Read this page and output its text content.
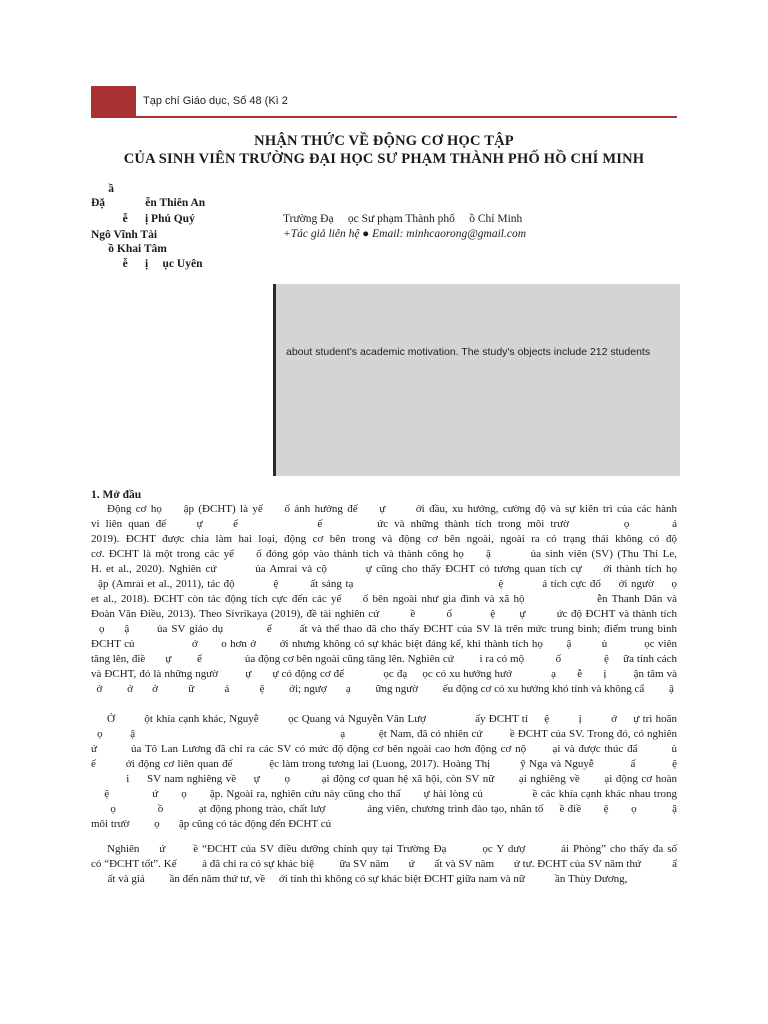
Tạp chí Giáo dục, Số 48 (Kì 2
NHẬN THỨC VỀ ĐỘNG CƠ HỌC TẬP
CỦA SINH VIÊN TRƯỜNG ĐẠI HỌC SƯ PHẠM THÀNH PHỐ HỒ CHÍ MINH
ầ
Đặ              ễn Thiên An
ễ      ị Phú Quý
Ngô Vĩnh Tài
ồ Khai Tâm
ễ      ị     ục Uyên
Trường Đạ     ọc Sư phạm Thành phố     ồ Chí Minh
+Tác giả liên hệ ● Email: minhcaorong@gmail.com
about student’s academic motivation. The study's objects include 212 students
1. Mở đầu
Động cơ họ     ập (ĐCHT) là yế     ố ảnh hưởng đế     ự       ởi đầu, xu hướng, cường độ và sự kiên trì của các hành
vi liên quan đế     ự     ế             ế         ức và những thành tích trong môi trườ         ọ       ả
2019). ĐCHT được chia làm hai loại, động cơ bên trong và động cơ bên ngoài, ngoài ra có trạng thái không có độ
cơ. ĐCHT là một trong các yế     ố đóng góp vào thành tích và thành công họ     ậ         ủa sinh viên (SV) (Thu Thi Le,
H. et al., 2020). Nghiên cứ         ủa Amrai và cộ         ự cũng cho thấy ĐCHT có tương quan tích cự     ới thành tích họ
ập (Amrai et al., 2011), tác độ           ệ         ất sáng tạ                                         ệ           ả tích cực đố     ới ngườ     ọ
et al., 2018). ĐCHT còn tác động tích cực đến các yế     ố bên ngoài như gia đình và xã hộ                 ễn Thanh Dân và
Đoàn Văn Điều, 2013). Theo Sivrikaya (2019), đề tài nghiên cứ         ề         ố           ệ       ự         ức độ ĐCHT và thành tích
ọ     ậ       ủa SV giáo dụ           ể       ất và thể thao đã cho thấy ĐCHT của SV là trên mức trung bình; điểm trung bình
ĐCHT củ                 ớ       o hơn ở       ới nhưng không có sự khác biệt đáng kể, khi thành tích họ       ậ         ủ           ọc viên
tăng lên, điề       ự         ể               ủa động cơ bên ngoài cũng tăng lên. Nghiên cứ         i ra có mộ           ố               ệ     ữa tính cách
và ĐCHT, đó là những ngườ         ự       ự có động cơ để             ọc đạ     ọc có xu hướng hướ             ạ       ễ       ị         ận tâm và
ở         ở       ở           ữ           ả           ệ         ới; ngượ       ạ         ững ngườ         ếu động cơ có xu hướng khó tính và không cẩ         ậ
Ở         ột khía cạnh khác, Nguyễ         ọc Quang và Nguyễn Văn Lượ               ấy ĐCHT tỉ     ệ         ị         ớ     ự trì hoãn
ọ         ậ                                                                   ạ           ệt Nam, đã có nhiên cứ         ề ĐCHT của SV. Trong đó, có nghiên
ứ         ủa Tô Lan Lương đã chỉ ra các SV có mức độ động cơ bên ngoài cao hơn động cơ nộ       ại và được thúc đẩ         ủ
ế         ởi động cơ liên quan đế           ệc làm trong tương lai (Luong, 2017). Hoàng Thị         ỹ Nga và Nguyễ           ấ           ệ
i     SV nam nghiêng về     ự       ọ         ại động cơ quan hệ xã hội, còn SV nữ       ại nghiêng về       ại động cơ hoàn
ệ             ứ       ọ       ập. Ngoài ra, nghiên cứu này cũng cho thấ       ự hài lòng củ               ề các khía cạnh khác nhau trong
ọ             ồ           ạt động phong trào, chất lượ             ảng viên, chương trình đào tạo, nhân tố     ề điề       ệ       ọ           ậ
môi trườ         ọ       ập cũng có tác động đến ĐCHT củ
Nghiên     ứ       ề “ĐCHT của SV điều dưỡng chính quy tại Trường Đạ         ọc Y dượ         ải Phòng” cho thấy đa số
có “ĐCHT tốt”. Kế         ả đã chỉ ra có sự khác biệ         ữa SV năm       ứ       ất và SV năm       ứ tư. ĐCHT của SV năm thứ           ấ
ất và giả         ần đến năm thứ tư, về     ới tính thì không có sự khác biệt ĐCHT giữa nam và nữ           ần Thùy Dương,
